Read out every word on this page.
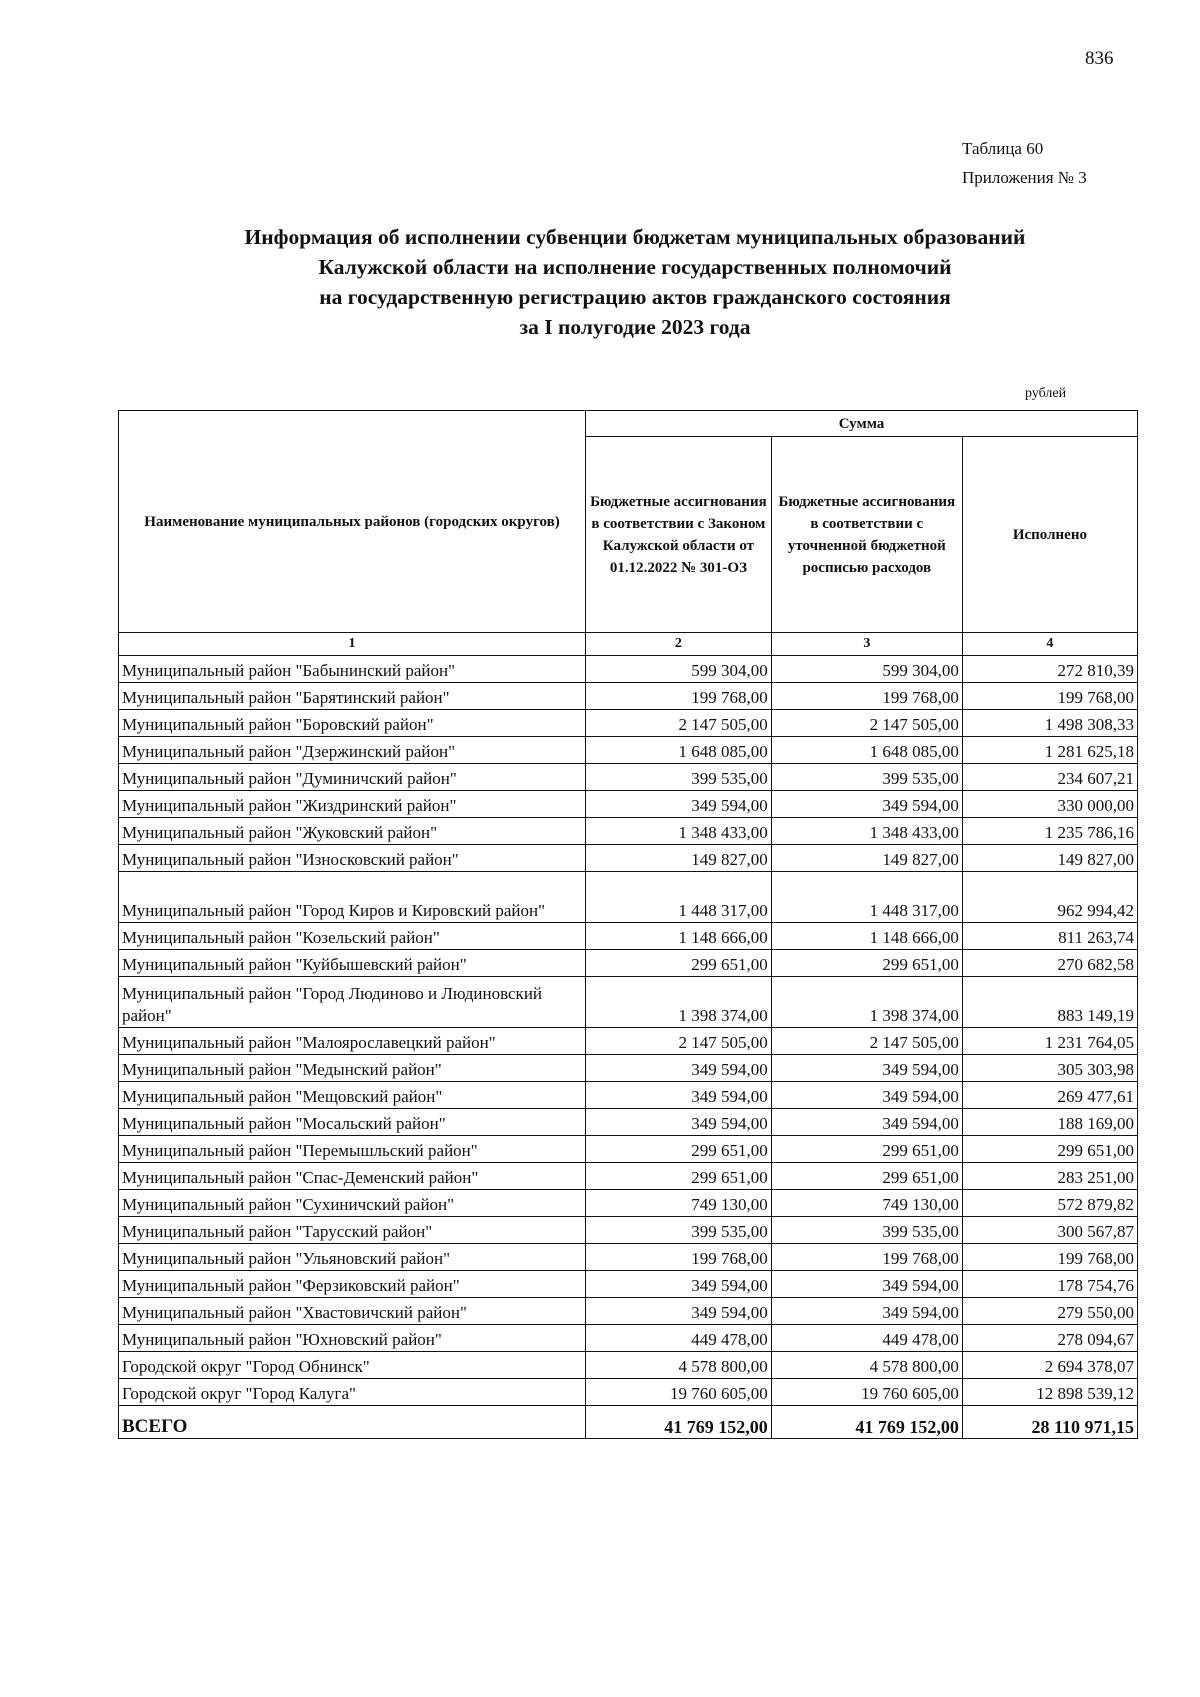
836
Таблица 60
Приложения № 3
Информация об исполнении субвенции бюджетам муниципальных образований
Калужской области на исполнение государственных полномочий
на государственную регистрацию актов гражданского состояния
за I полугодие 2023 года
рублей
Наименование муниципальных районов (городских округов)	Сумма		
	Бюджетные ассигнования в соответствии с Законом Калужской области от 01.12.2022 № 301-ОЗ	Бюджетные ассигнования в соответствии с уточненной бюджетной росписью расходов	Исполнено
1	2	3	4
Муниципальный район "Бабынинский район"	599 304,00	599 304,00	272 810,39
Муниципальный район "Барятинский район"	199 768,00	199 768,00	199 768,00
Муниципальный район "Боровский район"	2 147 505,00	2 147 505,00	1 498 308,33
Муниципальный район "Дзержинский район"	1 648 085,00	1 648 085,00	1 281 625,18
Муниципальный район "Думиничский район"	399 535,00	399 535,00	234 607,21
Муниципальный район "Жиздринский район"	349 594,00	349 594,00	330 000,00
Муниципальный район "Жуковский район"	1 348 433,00	1 348 433,00	1 235 786,16
Муниципальный район "Износковский район"	149 827,00	149 827,00	149 827,00
Муниципальный район "Город Киров и Кировский район"	1 448 317,00	1 448 317,00	962 994,42
Муниципальный район "Козельский район"	1 148 666,00	1 148 666,00	811 263,74
Муниципальный район "Куйбышевский район"	299 651,00	299 651,00	270 682,58
Муниципальный район "Город Людиново и Людиновский район"	1 398 374,00	1 398 374,00	883 149,19
Муниципальный район "Малоярославецкий район"	2 147 505,00	2 147 505,00	1 231 764,05
Муниципальный район "Медынский район"	349 594,00	349 594,00	305 303,98
Муниципальный район "Мещовский район"	349 594,00	349 594,00	269 477,61
Муниципальный район "Мосальский район"	349 594,00	349 594,00	188 169,00
Муниципальный район "Перемышльский район"	299 651,00	299 651,00	299 651,00
Муниципальный район "Спас-Деменский район"	299 651,00	299 651,00	283 251,00
Муниципальный район "Сухиничский район"	749 130,00	749 130,00	572 879,82
Муниципальный район "Тарусский район"	399 535,00	399 535,00	300 567,87
Муниципальный район "Ульяновский район"	199 768,00	199 768,00	199 768,00
Муниципальный район "Ферзиковский район"	349 594,00	349 594,00	178 754,76
Муниципальный район "Хвастовичский район"	349 594,00	349 594,00	279 550,00
Муниципальный район "Юхновский район"	449 478,00	449 478,00	278 094,67
Городской округ "Город Обнинск"	4 578 800,00	4 578 800,00	2 694 378,07
Городской округ "Город Калуга"	19 760 605,00	19 760 605,00	12 898 539,12
ВСЕГО	41 769 152,00	41 769 152,00	28 110 971,15
